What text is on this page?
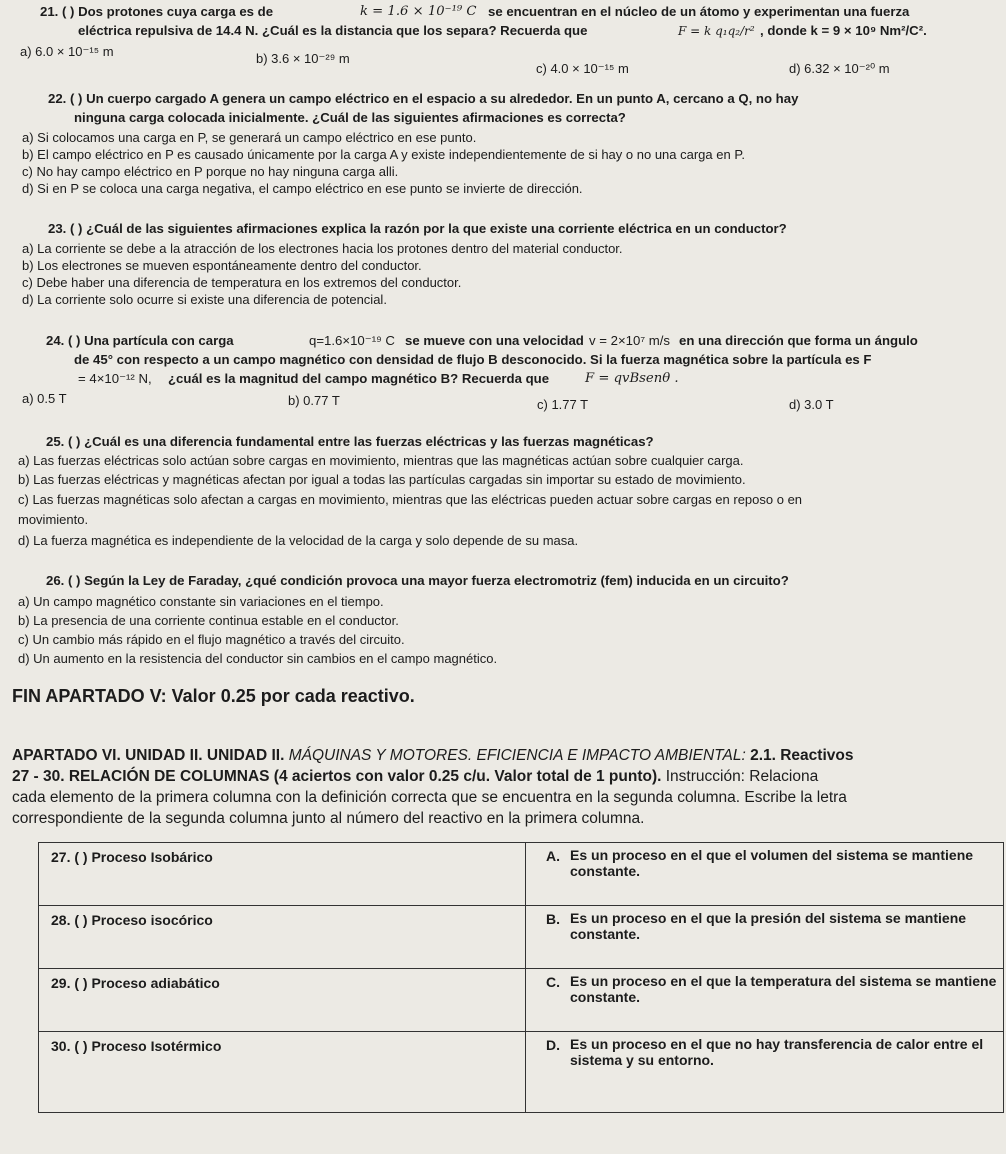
21. ( ) Dos protones cuya carga es de	k = 1.6 × 10⁻¹⁹ C se encuentran en el núcleo de un átomo y experimentan una fuerza
eléctrica repulsiva de 14.4 N. ¿Cuál es la distancia que los separa? Recuerda que	F = k q₁q₂/r² , donde k = 9 × 10⁹ Nm²/C².
a) 6.0 × 10⁻¹⁵ m	b) 3.6 × 10⁻²⁹ m
c) 4.0 × 10⁻¹⁵ m	d) 6.32 × 10⁻²⁰ m
22. ( ) Un cuerpo cargado A genera un campo eléctrico en el espacio a su alrededor. En un punto A, cercano a Q, no hay
ninguna carga colocada inicialmente. ¿Cuál de las siguientes afirmaciones es correcta?
a) Si colocamos una carga en P, se generará un campo eléctrico en ese punto.
b) El campo eléctrico en P es causado únicamente por la carga A y existe independientemente de si hay o no una carga en P.
c) No hay campo eléctrico en P porque no hay ninguna carga alli.
d) Si en P se coloca una carga negativa, el campo eléctrico en ese punto se invierte de dirección.
23. ( ) ¿Cuál de las siguientes afirmaciones explica la razón por la que existe una corriente eléctrica en un conductor?
a) La corriente se debe a la atracción de los electrones hacia los protones dentro del material conductor.
b) Los electrones se mueven espontáneamente dentro del conductor.
c) Debe haber una diferencia de temperatura en los extremos del conductor.
d) La corriente solo ocurre si existe una diferencia de potencial.
24. ( ) Una partícula con carga	q=1.6×10⁻¹⁹ C se mueve con una velocidad v = 2×10⁷ m/s en una dirección que forma un ángulo
de 45° con respecto a un campo magnético con densidad de flujo B desconocido. Si la fuerza magnética sobre la partícula es F
= 4×10⁻¹² N, ¿cuál es la magnitud del campo magnético B? Recuerda que	F = qvBsenθ .
a) 0.5 T	b) 0.77 T	c) 1.77 T	d) 3.0 T
25. ( ) ¿Cuál es una diferencia fundamental entre las fuerzas eléctricas y las fuerzas magnéticas?
a) Las fuerzas eléctricas solo actúan sobre cargas en movimiento, mientras que las magnéticas actúan sobre cualquier carga.
b) Las fuerzas eléctricas y magnéticas afectan por igual a todas las partículas cargadas sin importar su estado de movimiento.
c) Las fuerzas magnéticas solo afectan a cargas en movimiento, mientras que las eléctricas pueden actuar sobre cargas en reposo o en
movimiento.
d) La fuerza magnética es independiente de la velocidad de la carga y solo depende de su masa.
26. ( ) Según la Ley de Faraday, ¿qué condición provoca una mayor fuerza electromotriz (fem) inducida en un circuito?
a) Un campo magnético constante sin variaciones en el tiempo.
b) La presencia de una corriente continua estable en el conductor.
c) Un cambio más rápido en el flujo magnético a través del circuito.
d) Un aumento en la resistencia del conductor sin cambios en el campo magnético.
FIN APARTADO V: Valor 0.25 por cada reactivo.
APARTADO VI. UNIDAD II. UNIDAD II. MÁQUINAS Y MOTORES. EFICIENCIA E IMPACTO AMBIENTAL: 2.1. Reactivos
27 - 30. RELACIÓN DE COLUMNAS (4 aciertos con valor 0.25 c/u. Valor total de 1 punto). Instrucción: Relaciona
cada elemento de la primera columna con la definición correcta que se encuentra en la segunda columna. Escribe la letra
correspondiente de la segunda columna junto al número del reactivo en la primera columna.
27. ( ) Proceso Isobárico	A. Es un proceso en el que el volumen del sistema se mantiene constante.
28. ( ) Proceso isocórico	B. Es un proceso en el que la presión del sistema se mantiene constante.
29. ( ) Proceso adiabático	C. Es un proceso en el que la temperatura del sistema se mantiene constante.
30. ( ) Proceso Isotérmico	D. Es un proceso en el que no hay transferencia de calor entre el sistema y su entorno.
